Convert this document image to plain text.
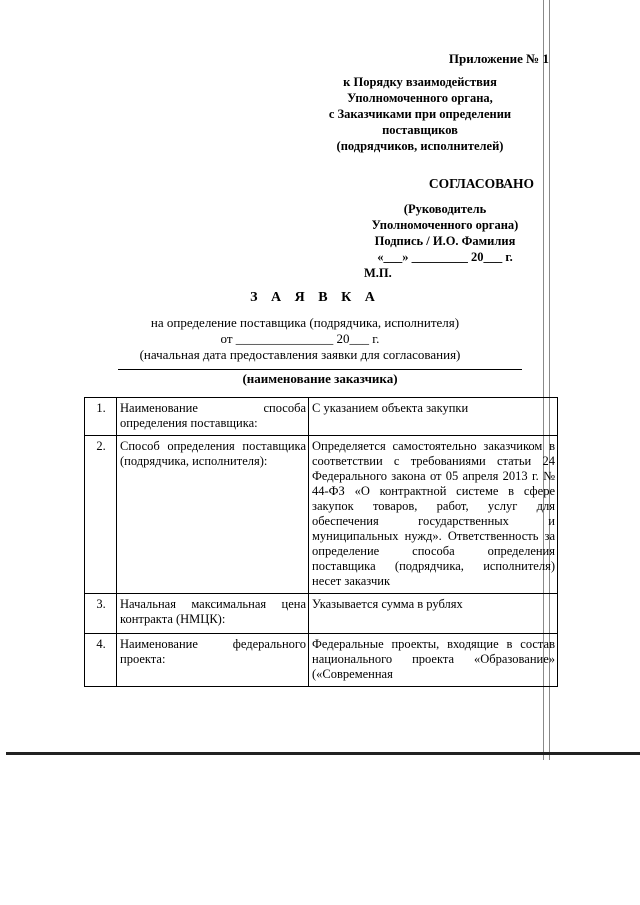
Приложение № 1
к Порядку взаимодействия
Уполномоченного органа,
с Заказчиками при определении
поставщиков
(подрядчиков, исполнителей)
СОГЛАСОВАНО
(Руководитель
Уполномоченного органа)
Подпись / И.О. Фамилия
«___» _________ 20___ г.
М.П.
З А Я В К А
на определение поставщика (подрядчика, исполнителя)
от _______________ 20___ г.
(начальная дата предоставления заявки для согласования)
(наименование заказчика)
1.	Наименование способа определения поставщика:	С указанием объекта закупки
2.	Способ определения поставщика (подрядчика, исполнителя):	Определяется самостоятельно заказчиком в соответствии с требованиями статьи 24 Федерального закона от 05 апреля 2013 г. № 44-ФЗ «О контрактной системе в сфере закупок товаров, работ, услуг для обеспечения государственных и муниципальных нужд». Ответственность за определение способа определения поставщика (подрядчика, исполнителя) несет заказчик
3.	Начальная максимальная цена контракта (НМЦК):	Указывается сумма в рублях
4.	Наименование федерального проекта:	Федеральные проекты, входящие в состав национального проекта «Образование» («Современная
